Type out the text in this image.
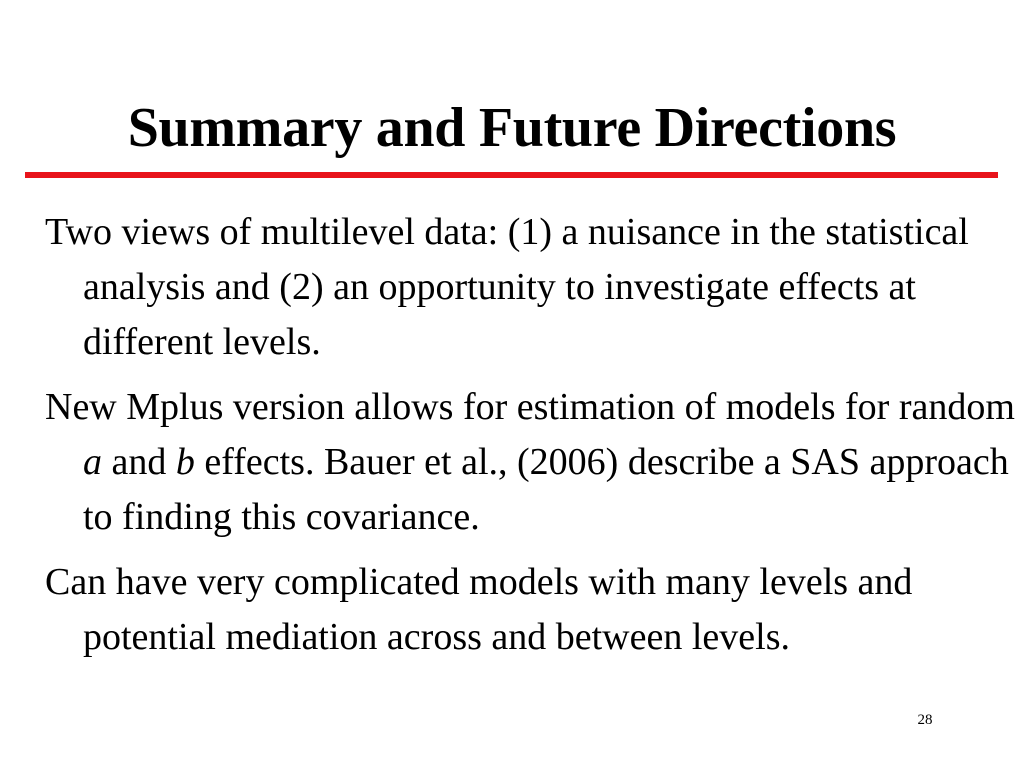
Summary and Future Directions
Two views of multilevel data: (1) a nuisance in the statistical analysis and (2) an opportunity to investigate effects at different levels.
New Mplus version allows for estimation of models for random a and b effects. Bauer et al., (2006) describe a SAS approach to finding this covariance.
Can have very complicated models with many levels and potential mediation across and between levels.
28
